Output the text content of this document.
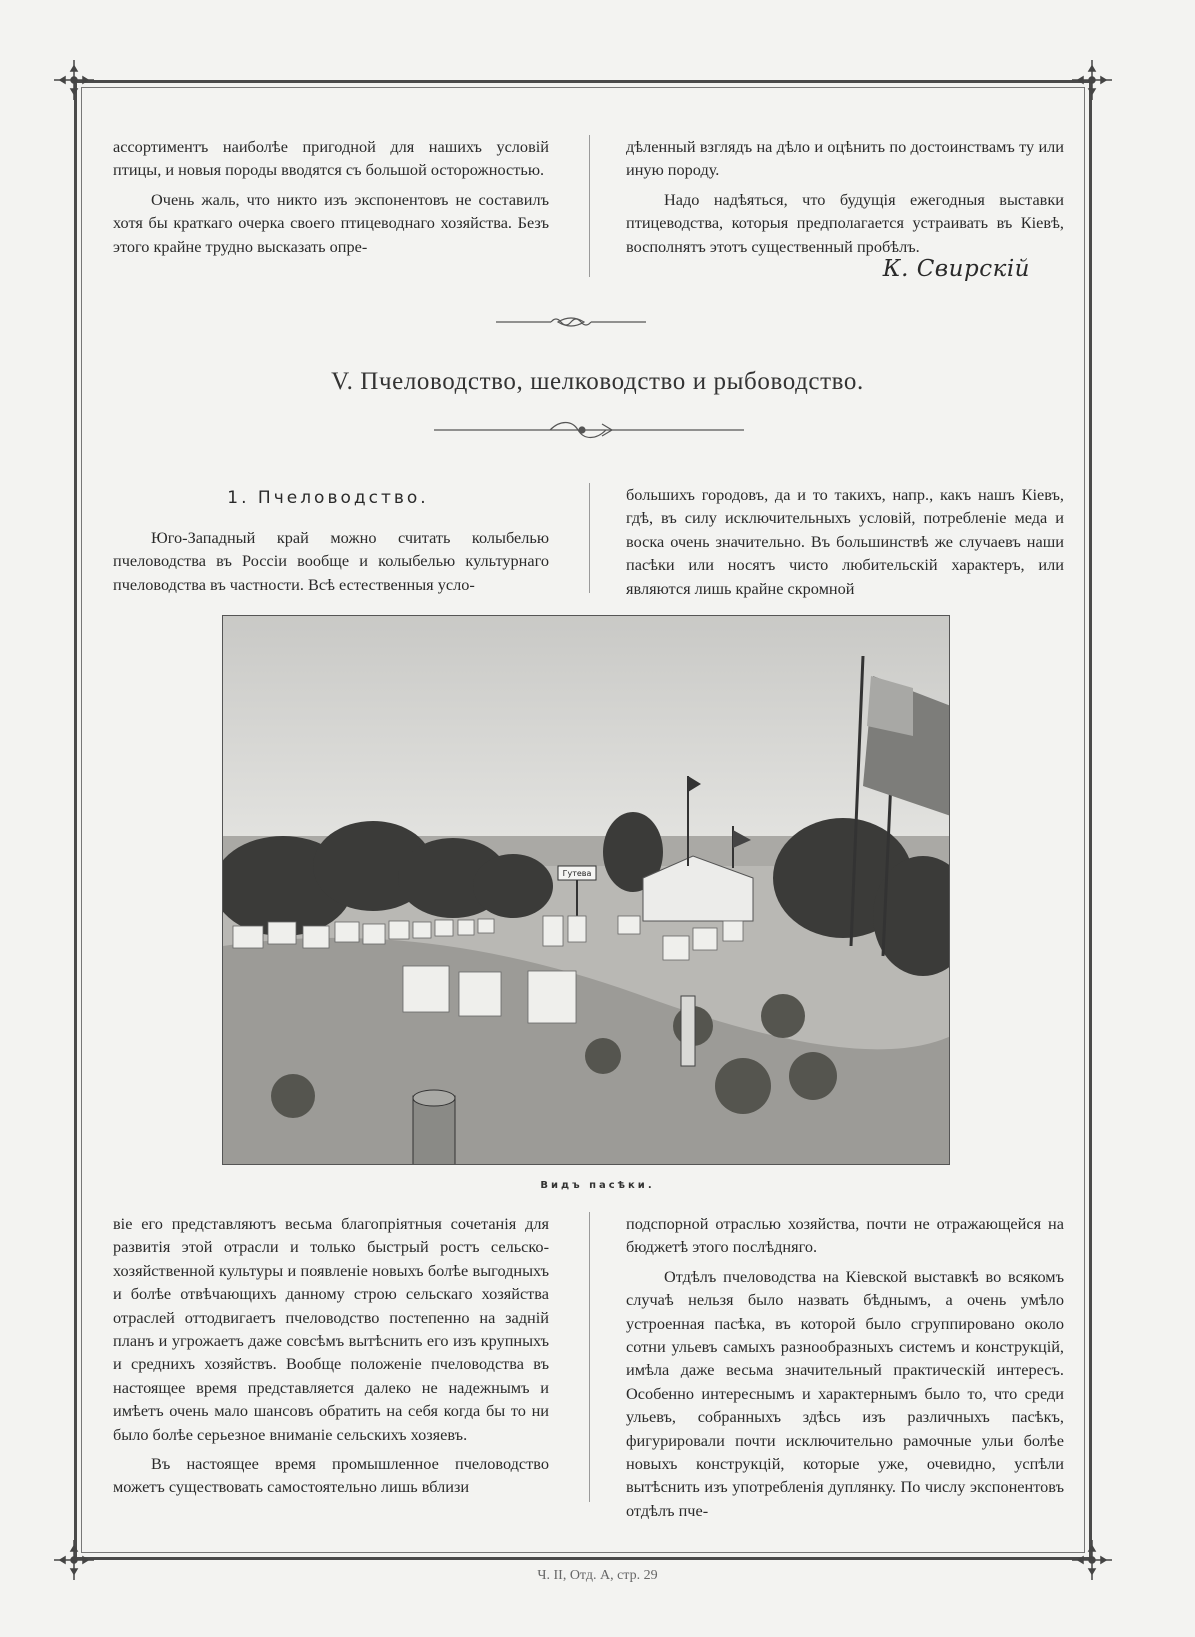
ассортиментъ наиболѣе пригодной для нашихъ условій птицы, и новыя породы вводятся съ большой осторожностью.

Очень жаль, что никто изъ экспонентовъ не составилъ хотя бы краткаго очерка своего птицеводнаго хозяйства. Безъ этого крайне трудно высказать опре-

дѣленный взглядъ на дѣло и оцѣнить по достоинствамъ ту или иную породу.

Надо надѣяться, что будущія ежегодныя выставки птицеводства, которыя предполагается устраивать въ Кіевѣ, восполнятъ этотъ существенный пробѣлъ.

К. Свирскій
V. Пчеловодство, шелководство и рыбоводство.
1. Пчеловодство.

Юго-Западный край можно считать колыбелью пчеловодства въ Россіи вообще и колыбелью культурнаго пчеловодства въ частности. Всѣ естественныя усло-

большихъ городовъ, да и то такихъ, напр., какъ нашъ Кіевъ, гдѣ, въ силу исключительныхъ условій, потребленіе меда и воска очень значительно. Въ большинствѣ же случаевъ наши пасѣки или носятъ чисто любительскій характеръ, или являются лишь крайне скромной

Гутева
Видъ пасѣки.

віе его представляютъ весьма благопріятныя сочетанія для развитія этой отрасли и только быстрый ростъ сельско-хозяйственной культуры и появленіе новыхъ болѣе выгодныхъ и болѣе отвѣчающихъ данному строю сельскаго хозяйства отраслей оттодвигаетъ пчеловодство постепенно на задній планъ и угрожаетъ даже совсѣмъ вытѣснить его изъ крупныхъ и среднихъ хозяйствъ. Вообще положеніе пчеловодства въ настоящее время представляется далеко не надежнымъ и имѣетъ очень мало шансовъ обратить на себя когда бы то ни было болѣе серьезное вниманіе сельскихъ хозяевъ.

Въ настоящее время промышленное пчеловодство можетъ существовать самостоятельно лишь вблизи

подспорной отраслью хозяйства, почти не отражающейся на бюджетѣ этого послѣдняго.

Отдѣлъ пчеловодства на Кіевской выставкѣ во всякомъ случаѣ нельзя было назвать бѣднымъ, а очень умѣло устроенная пасѣка, въ которой было сгруппировано около сотни ульевъ самыхъ разнообразныхъ системъ и конструкцій, имѣла даже весьма значительный практическій интересъ. Особенно интереснымъ и характернымъ было то, что среди ульевъ, собранныхъ здѣсь изъ различныхъ пасѣкъ, фигурировали почти исключительно рамочные ульи болѣе новыхъ конструкцій, которые уже, очевидно, успѣли вытѣснить изъ употребленія дуплянку. По числу экспонентовъ отдѣлъ пче-

Ч. II, Отд. А, стр. 29
